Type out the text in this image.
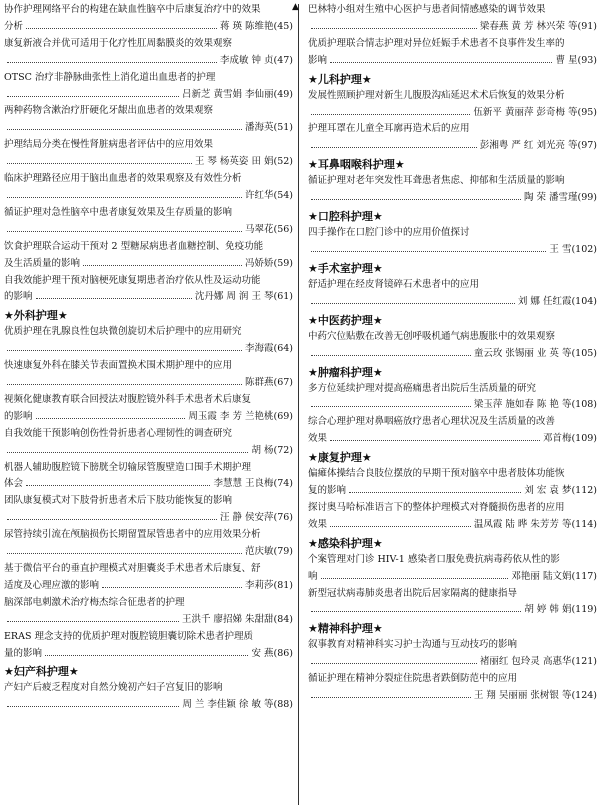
▲
协作护理网络平台的构建在缺血性脑卒中后康复治疗中的效果
分析	蒋 瑛 陈维艳 (45)
康复新液合并优可适用于化疗性肛周黏膜炎的效果观察
李成敏 钟 贞 (47)
OTSC 治疗非静脉曲张性上消化道出血患者的护理
吕新芝 黄雪娟 李仙丽 (49)
两种药物含漱治疗肝硬化牙龈出血患者的效果观察
潘海英 (51)
护理结局分类在慢性肾脏病患者评估中的应用效果
王 琴 杨英姿 田 娟 (52)
临床护理路径应用于脑出血患者的效果观察及有效性分析
许红华 (54)
循证护理对急性脑卒中患者康复效果及生存质量的影响
马翠花 (56)
饮食护理联合运动干预对 2 型糖尿病患者血糖控制、免疫功能
及生活质量的影响	冯娇娇 (59)
自我效能护理干预对脑梗死康复期患者治疗依从性及运动功能
的影响	沈丹娜 周 润 王 琴 (61)
★外科护理★
优质护理在乳腺良性包块微创旋切术后护理中的应用研究
李海霞 (64)
快速康复外科在膝关节表面置换术围术期护理中的应用
陈群燕 (67)
视频化健康教育联合回授法对腹腔镜外科手术患者术后康复
的影响	周玉霞 李 芳 兰艳桃 (69)
自我效能干预影响创伤性骨折患者心理韧性的调查研究
胡 杨 (72)
机器人辅助腹腔镜下膀胱全切输尿管腹壁造口围手术期护理
体会	李慧慧 王良梅 (74)
团队康复模式对下肢骨折患者术后下肢功能恢复的影响
汪 静 侯安萍 (76)
尿管持续引流在颅脑损伤长期留置尿管患者中的应用效果分析
范庆敏 (79)
基于微信平台的垂直护理模式对胆囊炎手术患者术后康复、舒
适度及心理应激的影响	李莉莎 (81)
脑深部电刺激术治疗梅杰综合征患者的护理
王洪千 廖招娣 朱甜甜 (84)
ERAS 理念支持的优质护理对腹腔镜胆囊切除术患者护理质
量的影响	安 燕 (86)
★妇产科护理★
产妇产后疲乏程度对自然分娩初产妇子宫复旧的影响
周 兰 李佳颖 徐 敏 等 (88)
巴林特小组对生殖中心医护与患者间情感感染的调节效果
梁春燕 黄 芳 林兴荣 等 (91)
优质护理联合情志护理对异位妊娠手术患者不良事件发生率的
影响	曹 星 (93)
★儿科护理★
发展性照顾护理对新生儿腹股沟疝延迟术术后恢复的效果分析
伍新平 黄丽萍 彭奇梅 等 (95)
护理耳罩在儿童全耳廓再造术后的应用
彭湘粤 严 红 刘光亮 等 (97)
★耳鼻咽喉科护理★
循证护理对老年突发性耳聋患者焦虑、抑郁和生活质量的影响
陶 荣 潘雪瑾 (99)
★口腔科护理★
四手操作在口腔门诊中的应用价值探讨
王 雪 (102)
★手术室护理★
舒适护理在经皮肾镜碎石术患者中的应用
刘 娜 任红霞 (104)
★中医药护理★
中药穴位贴敷在改善无创呼吸机通气病患腹胀中的效果观察
童云玫 张锡丽 业 英 等 (105)
★肿瘤科护理★
多方位延续护理对提高癌痛患者出院后生活质量的研究
梁玉萍 施如春 陈 艳 等 (108)
综合心理护理对鼻咽癌放疗患者心理状况及生活质量的改善
效果	邓首梅 (109)
★康复护理★
偏瘫体操结合良肢位摆放的早期干预对脑卒中患者肢体功能恢
复的影响	刘 宏 袁 梦 (112)
探讨奥马哈标准语言下的整体护理模式对脊髓损伤患者的应用
效果	温凤霞 陆 晔 朱芳芳 等 (114)
★感染科护理★
个案管理对门诊 HIV-1 感染者口服免费抗病毒药依从性的影
响	邓艳丽 陆文娟 (117)
新型冠状病毒肺炎患者出院后居家隔离的健康指导
胡 婷 韩 娟 (119)
★精神科护理★
叙事教育对精神科实习护士沟通与互动技巧的影响
褚丽红 包玲灵 高惠华 (121)
循证护理在精神分裂症住院患者跌倒防范中的应用
王 翔 吴丽丽 张树银 等 (124)
